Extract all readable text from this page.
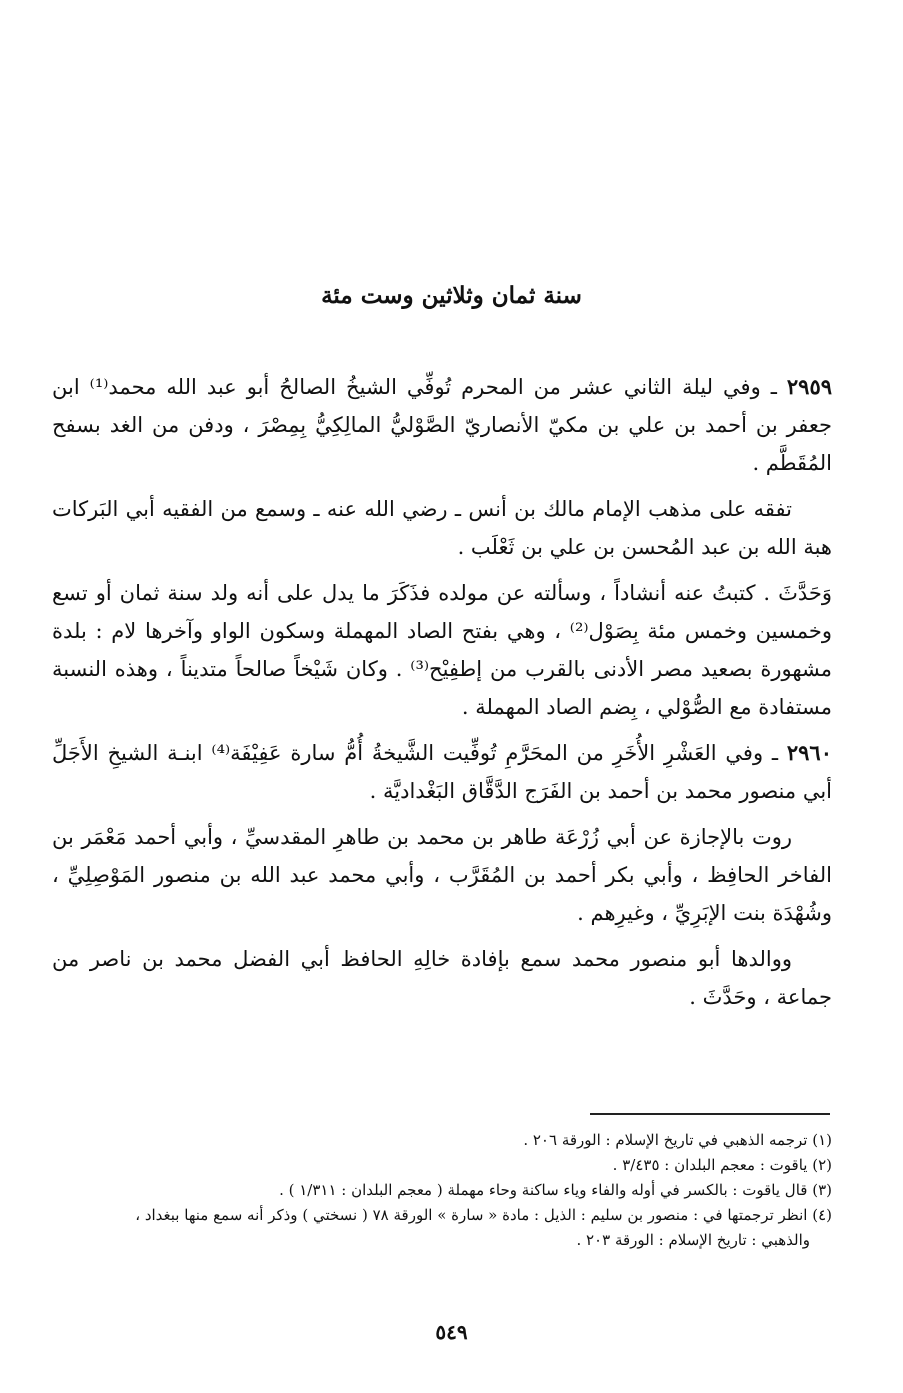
سنة ثمان وثلاثين وست مئة

٢٩٥٩ ـ وفي ليلة الثاني عشر من المحرم تُوفِّي الشيخُ الصالحُ أبو عبد الله محمد⁽¹⁾ ابن جعفر بن أحمد بن علي بن مكيّ الأنصاريّ الصَّوْليُّ المالِكِيُّ بِمِصْرَ ، ودفن من الغد بسفح المُقَطَّم .

تفقه على مذهب الإمام مالك بن أنس ـ رضي الله عنه ـ وسمع من الفقيه أبي البَركات هبة الله بن عبد المُحسن بن علي بن ثَعْلَب .

وَحَدَّثَ . كتبتُ عنه أنشاداً ، وسألته عن مولده فذَكَرَ ما يدل على أنه ولد سنة ثمان أو تسع وخمسين وخمس مئة بِصَوْل⁽²⁾ ، وهي بفتح الصاد المهملة وسكون الواو وآخرها لام : بلدة مشهورة بصعيد مصر الأدنى بالقرب من إطفِيْح⁽³⁾ . وكان شَيْخاً صالحاً متديناً ، وهذه النسبة مستفادة مع الصُّوْلي ، بِضم الصاد المهملة .

٢٩٦٠ ـ وفي العَشْرِ الأُخَرِ من المحَرَّمِ تُوفِّيت الشَّيخةُ أُمُّ سارة عَفِيْفَة⁽⁴⁾ ابنـة الشيخِ الأَجَلِّ أبي منصور محمد بن أحمد بن الفَرَج الدَّقَّاق البَغْداديَّة .

روت بالإجازة عن أبي زُرْعَة طاهر بن محمد بن طاهرِ المقدسيِّ ، وأبي أحمد مَعْمَر بن الفاخر الحافِظ ، وأبي بكر أحمد بن المُقَرَّب ، وأبي محمد عبد الله بن منصور المَوْصِلِيِّ ، وشُهْدَة بنت الإبَرِيِّ ، وغيرِهم .

ووالدها أبو منصور محمد سمع بإفادة خالِهِ الحافظ أبي الفضل محمد بن ناصر من جماعة ، وحَدَّثَ .

(١) ترجمه الذهبي في تاريخ الإسلام : الورقة ٢٠٦ .
(٢) ياقوت : معجم البلدان : ٣/٤٣٥ .
(٣) قال ياقوت : بالكسر في أوله والفاء وياء ساكنة وحاء مهملة ( معجم البلدان : ١/٣١١ ) .
(٤) انظر ترجمتها في : منصور بن سليم : الذيل : مادة « سارة » الورقة ٧٨ ( نسختي ) وذكر أنه سمع منها ببغداد ،
والذهبي : تاريخ الإسلام : الورقة ٢٠٣ .
٥٤٩
